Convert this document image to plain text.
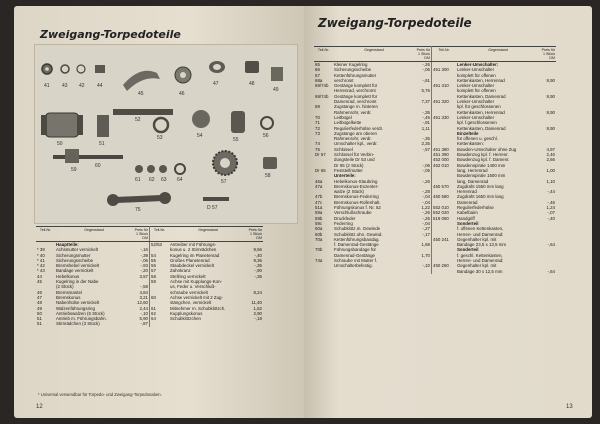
Zweigang-Torpedoteile
41 43 42 44
45	46
47	48
49
50	51
52
53	54
55
56
57
58
59
60
61 62 63 64
75	D 57
Teil-Nr.	Gegenstand	Preis für 1 Stück DM	Teil-Nr.	Gegenstand	Preis für 1 Stück DM
	Hauptteile:		52/53	Antreiber mit Führungs-	
* 39	Achsmutter vernickelt	-,16		konus u. 2 Stirnrädchen	9,56
* 40	Sicherungsmutter	-,39	54	Kugelring im Planetenrad	-,40
* 41	Sicherungsscheibe	-,06	55	Großes Planetenrad	9,36
* 42	Bremshebel vernickelt	-,93	56	Staubdeckel vernickelt	-,36
* 43	Bandage vernickelt	-,20	57	Zahnkranz	-,90
44	Hebelkonus	3,57	58	Stellring vernickelt	-,35
45	Kugelring in der Nabe		59	Achse mit Kupplungs-Kon-	
	(2 Stück)	-,58		us, Feder u. Verschluß-	
46	Bremsmantel	4,84		schraube vernickelt	8,24
47	Bremskonus	3,21	60	Achse vernickelt mit 2 Zug-	
48	Nabenhülse vernickelt	12,60		stängchen, vernickelt	11,40
49	Walzenführungsring	2,44	61	Mitnehmer m. Schubklötzch.	1,52
50	Antriebswalzen (5 Stück)	-,10	62	Kupplungskonus	2,90
51	Antrieb m. Führungsbahn.	5,90	64	Schubklötzchen	-,18
51	Stirnrädchen (3 Stück)	-,87			
* Universal verwendbar für Torpedo- und Zweigang-Torpedonaben.
12
Zweigang-Torpedoteile
Teil-Nr.	Gegenstand	Preis für 1 Stück DM	Teil-Nr.	Gegenstand	Preis für 1 Stück DM
65	Kleiner Kugelring	-,26		Lenker-Umschalter:	
66	Sicherungsscheibe	-,06	451 300	Lenker-Umschalter	
67	Kettenführungsmutter			komplett für offenen	
68a	verchromt	-,61		Kettenkasten, Herrenrad	8,90
69/74b	Gestänge komplett für		451 310	Lenker-Umschalter	
	Herrenrad, verchromt	5,76		komplett für offenen	
69/74b	Gestänge komplett für			Kettenkasten, Damenrad	8,90
	Damenrad, verchromt	7,37	451 320	Lenker-Umschalter	
69	Zugstange m. hinteren			kpl. für geschlossenen	
	Rahmenrohr, verdr.	-,35		Kettenkasten, Herrenrad	8,90
70	Leitbügel	-,45	451 330	Lenker-Umschalter	
71	Leitbügelkette	-,91		kpl. f.geschlossenen	
72	Regulierfederhülse verdr.	1,11		Kettenkasten, Damenrad	8,90
73	Zugstange am oberen			Einzelteile	
	Rahmenrohr, verdr.	-,35		für offenen u. geschl.	
74	Umschalter kpl., verdr.	2,35		Kettenkasten:	
75	Schlüssel	-,57	451 380	Bowden-Umschalter ohne Zug	4,97
Dr 57	Schlüssel für Verbin-		451 390	Bowdenzug kpl. f. Herrenr.	2,46
	dungsteile Dr 53 und		452 000	Bowdenzug kpl. f. Damenr.	2,66
	Dr 55 (2 Stück)	-,06	452 010	Bowdenspirale 1400 mm	
Dr 55	Feststellmutter	-,05		lang, Herrenrad	1,00
	Unterteile:			Bowdenspirale 1500 mm	
46a	Hebelkonus-Staubring	-,26		lang, Damenrad	1,10
47a	Bremskonus-Exzenter-		450 570	Zugdraht 1550 mm lang	
	walze (2 Stück)	-,28		Herrenrad	-,44
47b	Bremskonus-Federring	-,04	450 580	Zugdraht 1650 mm lang	
47c	Bremskonus-Rollenhalt.	-,04		Damenrad	-,46
51a	Führungskonus f. Nr. 52	1,22	552 010	Regulierfederhülse	1,24
59a	Verschlußschraube	-,26	552 020	Kabelbaim	-,07
59b	Druckfeder	-,26	519 050	Handgriff	-,40
59c	Federring	-,04		Sonderteil	
60a	Schubklötz.m. Gewinde	-,27		f. offenen Kettenkasten,	
60b	Schubklötz.ohn. Gewind.	-,17		Herren- und Damenrad:	
70a	Kettenführungsbandag.		450 241	Gegenhalter kpl. mit	
	f. Damenrad-Gestänge	1,68		Bandage 23,5 x 13,5 mm	-,64
70b	Führungsbandage für			Sonderteil	
	Damenrad-Gestänge	1,70		f. geschl. Kettenkasten,	
74a	Schraube mit Mutter f.			Herren- und Damenrad:	
	Umschalterbefestig.	-,10	450 260	Gegenhalter kpl. mit	
				Bandage 30 x 12,5 mm	-,64
13
